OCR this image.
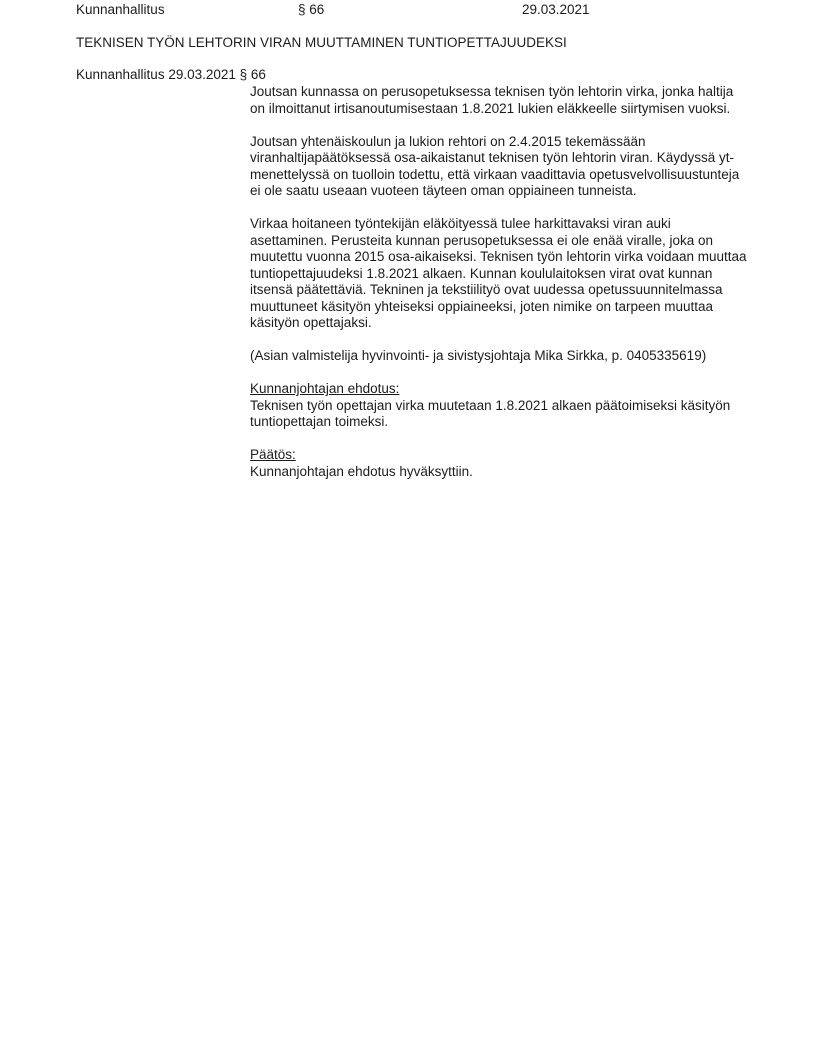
Kunnanhallitus	§ 66	29.03.2021
TEKNISEN TYÖN LEHTORIN VIRAN MUUTTAMINEN TUNTIOPETTAJUUDEKSI
Kunnanhallitus 29.03.2021 § 66

Joutsan kunnassa on perusopetuksessa teknisen työn lehtorin virka, jonka haltija on ilmoittanut irtisanoutumisestaan 1.8.2021 lukien eläkkeelle siirtymisen vuoksi.

Joutsan yhtenäiskoulun ja lukion rehtori on 2.4.2015 tekemässään viranhaltijapäätöksessä osa-aikaistanut teknisen työn lehtorin viran. Käydyssä yt-menettelyssä on tuolloin todettu, että virkaan vaadittavia opetusvelvollisuustunteja ei ole saatu useaan vuoteen täyteen oman oppiaineen tunneista.

Virkaa hoitaneen työntekijän eläköityessä tulee harkittavaksi viran auki asettaminen. Perusteita kunnan perusopetuksessa ei ole enää viralle, joka on muutettu vuonna 2015 osa-aikaiseksi. Teknisen työn lehtorin virka voidaan muuttaa tuntiopettajuudeksi 1.8.2021 alkaen. Kunnan koululaitoksen virat ovat kunnan itsensä päätettäviä. Tekninen ja tekstiilityö ovat uudessa opetussuunnitelmassa muuttuneet käsityön yhteiseksi oppiaineeksi, joten nimike on tarpeen muuttaa käsityön opettajaksi.

(Asian valmistelija hyvinvointi- ja sivistysjohtaja Mika Sirkka, p. 0405335619)

Kunnanjohtajan ehdotus:

Teknisen työn opettajan virka muutetaan 1.8.2021 alkaen päätoimiseksi käsityön tuntiopettajan toimeksi.

Päätös:

Kunnanjohtajan ehdotus hyväksyttiin.
